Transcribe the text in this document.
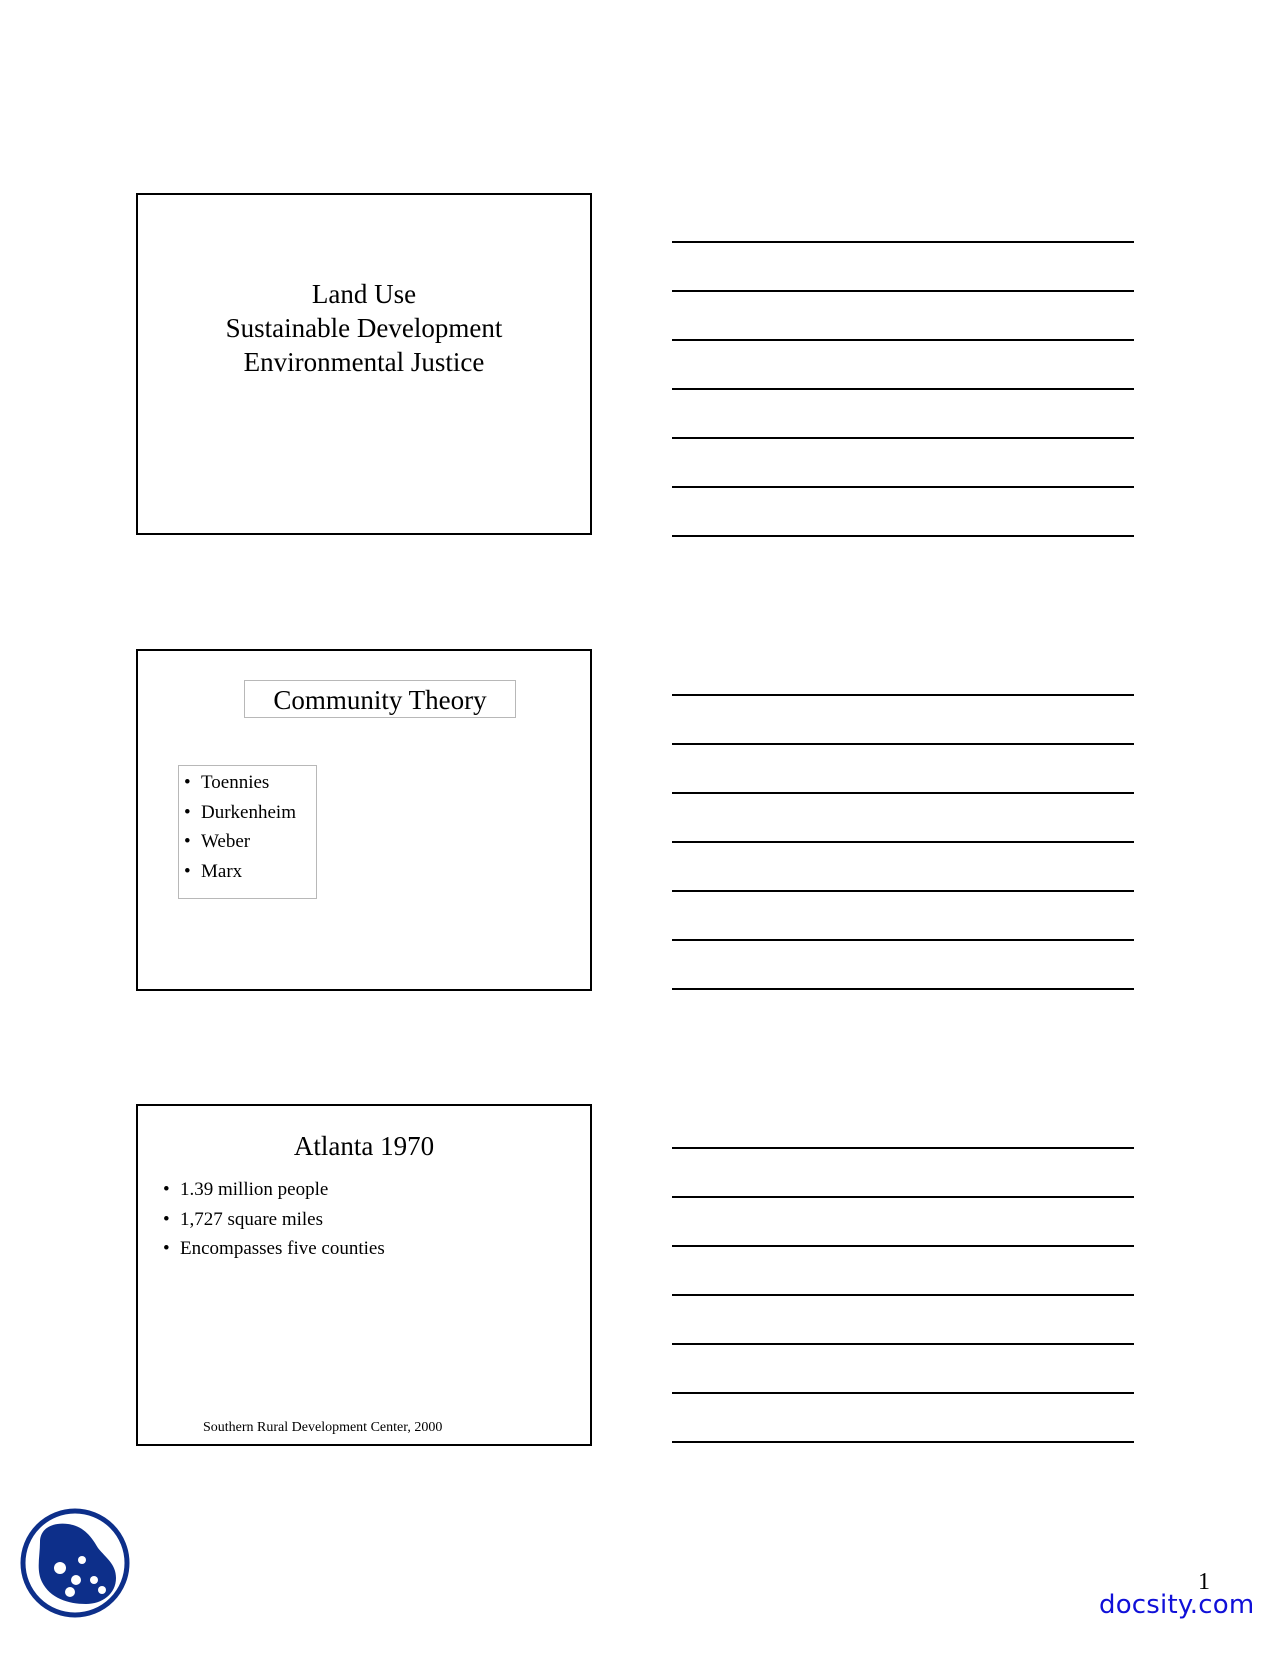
Land Use
Sustainable Development
Environmental Justice
Community Theory
• Toennies
• Durkenheim
• Weber
• Marx
Atlanta 1970
• 1.39 million people
• 1,727 square miles
• Encompasses five counties
Southern Rural Development Center, 2000
1
docsity.com
